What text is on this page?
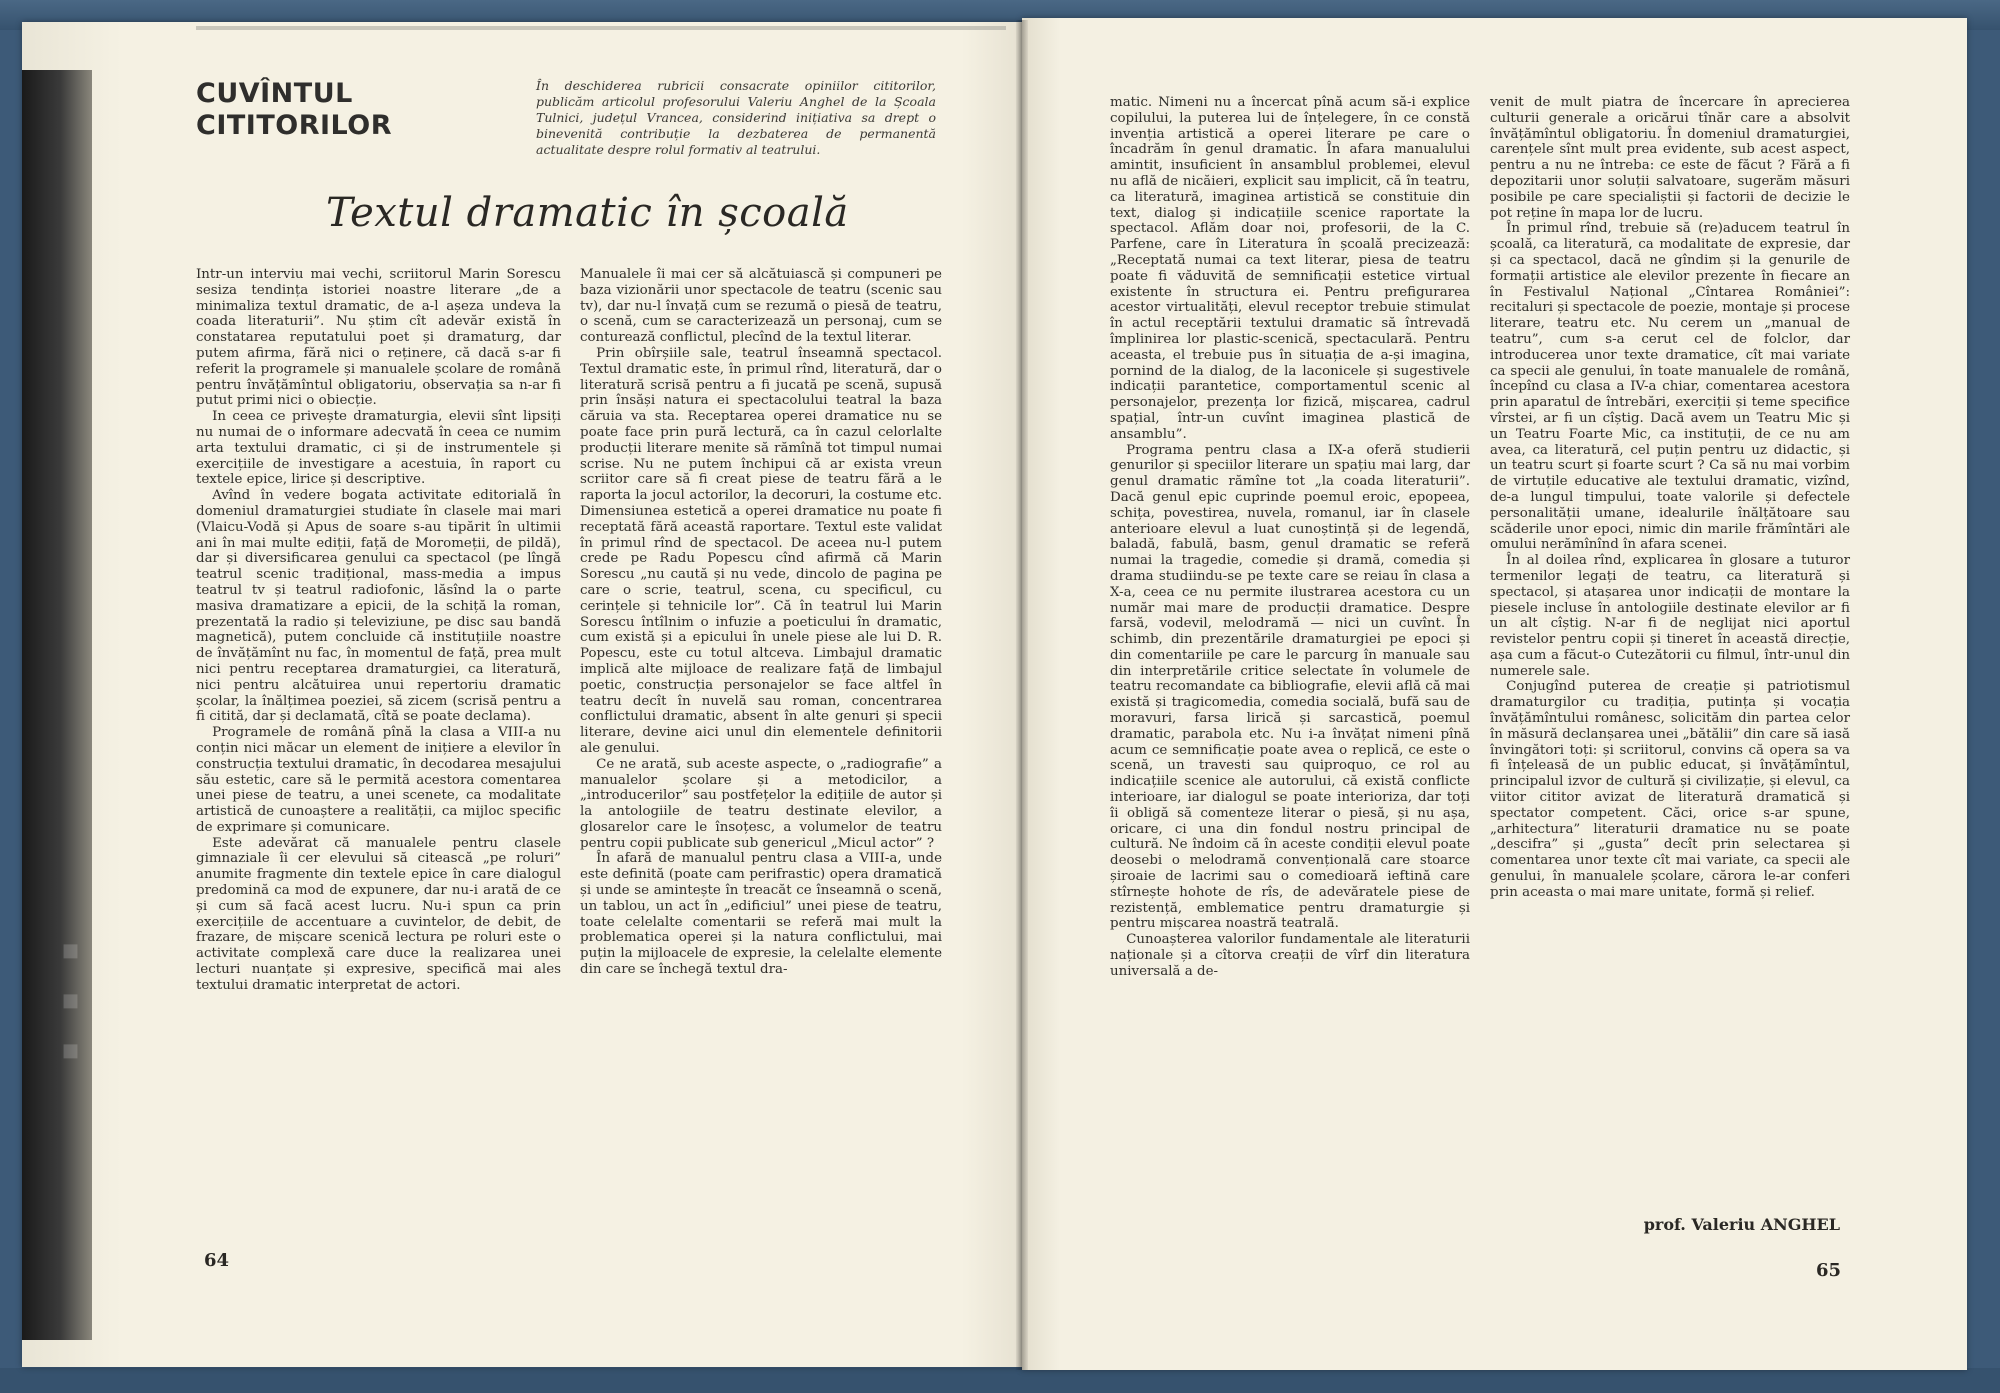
▪ ▪ ▪
CUVÎNTUL
CITITORILOR
În deschiderea rubricii consacrate opiniilor cititorilor, publicăm articolul profesorului Valeriu Anghel de la Școala Tulnici, județul Vrancea, considerind inițiativa sa drept o binevenită contribuție la dezbaterea de permanentă actualitate despre rolul formativ al teatrului.
Textul dramatic în școală

Intr-un interviu mai vechi, scriitorul Marin Sorescu sesiza tendința istoriei noastre literare „de a minimaliza textul dramatic, de a-l așeza undeva la coada literaturii”. Nu știm cît adevăr există în constatarea reputatului poet și dramaturg, dar putem afirma, fără nici o reținere, că dacă s-ar fi referit la programele și manualele școlare de română pentru învățămîntul obligatoriu, observația sa n-ar fi putut primi nici o obiecție.

In ceea ce privește dramaturgia, elevii sînt lipsiți nu numai de o informare adecvată în ceea ce numim arta textului dramatic, ci și de instrumentele și exercițiile de investigare a acestuia, în raport cu textele epice, lirice și descriptive.

Avînd în vedere bogata activitate editorială în domeniul dramaturgiei studiate în clasele mai mari (Vlaicu-Vodă și Apus de soare s-au tipărit în ultimii ani în mai multe ediții, față de Moromeții, de pildă), dar și diversificarea genului ca spectacol (pe lîngă teatrul scenic tradițional, mass-media a impus teatrul tv și teatrul radiofonic, lăsînd la o parte masiva dramatizare a epicii, de la schiță la roman, prezentată la radio și televiziune, pe disc sau bandă magnetică), putem concluide că instituțiile noastre de învățămînt nu fac, în momentul de față, prea mult nici pentru receptarea dramaturgiei, ca literatură, nici pentru alcătuirea unui repertoriu dramatic școlar, la înălțimea poeziei, să zicem (scrisă pentru a fi citită, dar și declamată, cîtă se poate declama).

Programele de română pînă la clasa a VIII-a nu conțin nici măcar un element de inițiere a elevilor în construcția textului dramatic, în decodarea mesajului său estetic, care să le permită acestora comentarea unei piese de teatru, a unei scenete, ca modalitate artistică de cunoaștere a realității, ca mijloc specific de exprimare și comunicare.

Este adevărat că manualele pentru clasele gimnaziale îi cer elevului să citească „pe roluri” anumite fragmente din textele epice în care dialogul predomină ca mod de expunere, dar nu-i arată de ce și cum să facă acest lucru. Nu-i spun ca prin exercițiile de accentuare a cuvintelor, de debit, de frazare, de mișcare scenică lectura pe roluri este o activitate complexă care duce la realizarea unei lecturi nuanțate și expresive, specifică mai ales textului dramatic interpretat de actori.

Manualele îi mai cer să alcătuiască și compuneri pe baza vizionării unor spectacole de teatru (scenic sau tv), dar nu-l învață cum se rezumă o piesă de teatru, o scenă, cum se caracterizează un personaj, cum se conturează conflictul, plecînd de la textul literar.

Prin obîrșiile sale, teatrul înseamnă spectacol. Textul dramatic este, în primul rînd, literatură, dar o literatură scrisă pentru a fi jucată pe scenă, supusă prin însăși natura ei spectacolului teatral la baza căruia va sta. Receptarea operei dramatice nu se poate face prin pură lectură, ca în cazul celorlalte producții literare menite să rămînă tot timpul numai scrise. Nu ne putem închipui că ar exista vreun scriitor care să fi creat piese de teatru fără a le raporta la jocul actorilor, la decoruri, la costume etc. Dimensiunea estetică a operei dramatice nu poate fi receptată fără această raportare. Textul este validat în primul rînd de spectacol. De aceea nu-l putem crede pe Radu Popescu cînd afirmă că Marin Sorescu „nu caută și nu vede, dincolo de pagina pe care o scrie, teatrul, scena, cu specificul, cu cerințele și tehnicile lor”. Că în teatrul lui Marin Sorescu întîlnim o infuzie a poeticului în dramatic, cum există și a epicului în unele piese ale lui D. R. Popescu, este cu totul altceva. Limbajul dramatic implică alte mijloace de realizare față de limbajul poetic, construcția personajelor se face altfel în teatru decît în nuvelă sau roman, concentrarea conflictului dramatic, absent în alte genuri și specii literare, devine aici unul din elementele definitorii ale genului.

Ce ne arată, sub aceste aspecte, o „radiografie” a manualelor școlare și a metodicilor, a „introducerilor” sau postfețelor la edițiile de autor și la antologiile de teatru destinate elevilor, a glosarelor care le însoțesc, a volumelor de teatru pentru copii publicate sub genericul „Micul actor” ?

În afară de manualul pentru clasa a VIII-a, unde este definită (poate cam perifrastic) opera dramatică și unde se amintește în treacăt ce înseamnă o scenă, un tablou, un act în „edificiul” unei piese de teatru, toate celelalte comentarii se referă mai mult la problematica operei și la natura conflictului, mai puțin la mijloacele de expresie, la celelalte elemente din care se închegă textul dra-

matic. Nimeni nu a încercat pînă acum să-i explice copilului, la puterea lui de înțelegere, în ce constă invenția artistică a operei literare pe care o încadrăm în genul dramatic. În afara manualului amintit, insuficient în ansamblul problemei, elevul nu află de nicăieri, explicit sau implicit, că în teatru, ca literatură, imaginea artistică se constituie din text, dialog și indicațiile scenice raportate la spectacol. Aflăm doar noi, profesorii, de la C. Parfene, care în Literatura în școală precizează: „Receptată numai ca text literar, piesa de teatru poate fi văduvită de semnificații estetice virtual existente în structura ei. Pentru prefigurarea acestor virtualități, elevul receptor trebuie stimulat în actul receptării textului dramatic să întrevadă împlinirea lor plastic-scenică, spectaculară. Pentru aceasta, el trebuie pus în situația de a-și imagina, pornind de la dialog, de la laconicele și sugestivele indicații parantetice, comportamentul scenic al personajelor, prezența lor fizică, mișcarea, cadrul spațial, într-un cuvînt imaginea plastică de ansamblu”.

Programa pentru clasa a IX-a oferă studierii genurilor și speciilor literare un spațiu mai larg, dar genul dramatic rămîne tot „la coada literaturii”. Dacă genul epic cuprinde poemul eroic, epopeea, schița, povestirea, nuvela, romanul, iar în clasele anterioare elevul a luat cunoștință și de legendă, baladă, fabulă, basm, genul dramatic se referă numai la tragedie, comedie și dramă, comedia și drama studiindu-se pe texte care se reiau în clasa a X-a, ceea ce nu permite ilustrarea acestora cu un număr mai mare de producții dramatice. Despre farsă, vodevil, melodramă — nici un cuvînt. În schimb, din prezentările dramaturgiei pe epoci și din comentariile pe care le parcurg în manuale sau din interpretările critice selectate în volumele de teatru recomandate ca bibliografie, elevii află că mai există și tragicomedia, comedia socială, bufă sau de moravuri, farsa lirică și sarcastică, poemul dramatic, parabola etc. Nu i-a învățat nimeni pînă acum ce semnificație poate avea o replică, ce este o scenă, un travesti sau quiproquo, ce rol au indicațiile scenice ale autorului, că există conflicte interioare, iar dialogul se poate interioriza, dar toți îi obligă să comenteze literar o piesă, și nu așa, oricare, ci una din fondul nostru principal de cultură. Ne îndoim că în aceste condiții elevul poate deosebi o melodramă convențională care stoarce șiroaie de lacrimi sau o comedioară ieftină care stîrnește hohote de rîs, de adevăratele piese de rezistență, emblematice pentru dramaturgie și pentru mișcarea noastră teatrală.

Cunoașterea valorilor fundamentale ale literaturii naționale și a cîtorva creații de vîrf din literatura universală a de-

venit de mult piatra de încercare în aprecierea culturii generale a oricărui tînăr care a absolvit învățămîntul obligatoriu. În domeniul dramaturgiei, carențele sînt mult prea evidente, sub acest aspect, pentru a nu ne întreba: ce este de făcut ? Fără a fi depozitarii unor soluții salvatoare, sugerăm măsuri posibile pe care specialiștii și factorii de decizie le pot reține în mapa lor de lucru.

În primul rînd, trebuie să (re)aducem teatrul în școală, ca literatură, ca modalitate de expresie, dar și ca spectacol, dacă ne gîndim și la genurile de formații artistice ale elevilor prezente în fiecare an în Festivalul Național „Cîntarea României”: recitaluri și spectacole de poezie, montaje și procese literare, teatru etc. Nu cerem un „manual de teatru”, cum s-a cerut cel de folclor, dar introducerea unor texte dramatice, cît mai variate ca specii ale genului, în toate manualele de română, începînd cu clasa a IV-a chiar, comentarea acestora prin aparatul de întrebări, exerciții și teme specifice vîrstei, ar fi un cîștig. Dacă avem un Teatru Mic și un Teatru Foarte Mic, ca instituții, de ce nu am avea, ca literatură, cel puțin pentru uz didactic, și un teatru scurt și foarte scurt ? Ca să nu mai vorbim de virtuțile educative ale textului dramatic, vizînd, de-a lungul timpului, toate valorile și defectele personalității umane, idealurile înălțătoare sau scăderile unor epoci, nimic din marile frămîntări ale omului nerămînînd în afara scenei.

În al doilea rînd, explicarea în glosare a tuturor termenilor legați de teatru, ca literatură și spectacol, și atașarea unor indicații de montare la piesele incluse în antologiile destinate elevilor ar fi un alt cîștig. N-ar fi de neglijat nici aportul revistelor pentru copii și tineret în această direcție, așa cum a făcut-o Cutezătorii cu filmul, într-unul din numerele sale.

Conjugînd puterea de creație și patriotismul dramaturgilor cu tradiția, putința și vocația învățămîntului românesc, solicităm din partea celor în măsură declanșarea unei „bătălii” din care să iasă învingători toți: și scriitorul, convins că opera sa va fi înțeleasă de un public educat, și învățămîntul, principalul izvor de cultură și civilizație, și elevul, ca viitor cititor avizat de literatură dramatică și spectator competent. Căci, orice s-ar spune, „arhitectura” literaturii dramatice nu se poate „descifra” și „gusta” decît prin selectarea și comentarea unor texte cît mai variate, ca specii ale genului, în manualele școlare, cărora le-ar conferi prin aceasta o mai mare unitate, formă și relief.

prof. Valeriu ANGHEL
64	65
